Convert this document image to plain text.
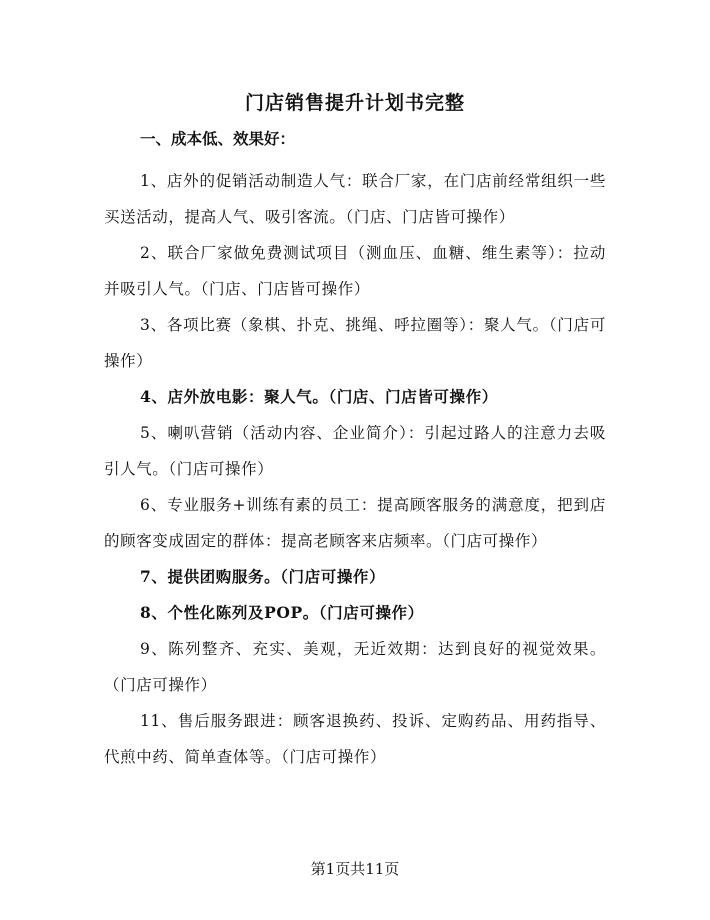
门店销售提升计划书完整

一、成本低、效果好：

1、店外的促销活动制造人气：联合厂家，在门店前经常组织一些买送活动，提高人气、吸引客流。（门店、门店皆可操作）

2、联合厂家做免费测试项目（测血压、血糖、维生素等）：拉动并吸引人气。（门店、门店皆可操作）

3、各项比赛（象棋、扑克、挑绳、呼拉圈等）：聚人气。（门店可操作）

4、店外放电影：聚人气。（门店、门店皆可操作）

5、喇叭营销（活动内容、企业简介）：引起过路人的注意力去吸引人气。（门店可操作）

6、专业服务+训练有素的员工：提高顾客服务的满意度，把到店的顾客变成固定的群体：提高老顾客来店频率。（门店可操作）

7、提供团购服务。（门店可操作）

8、个性化陈列及POP。（门店可操作）

9、陈列整齐、充实、美观，无近效期：达到良好的视觉效果。（门店可操作）

11、售后服务跟进：顾客退换药、投诉、定购药品、用药指导、代煎中药、简单查体等。（门店可操作）

第1页共11页
